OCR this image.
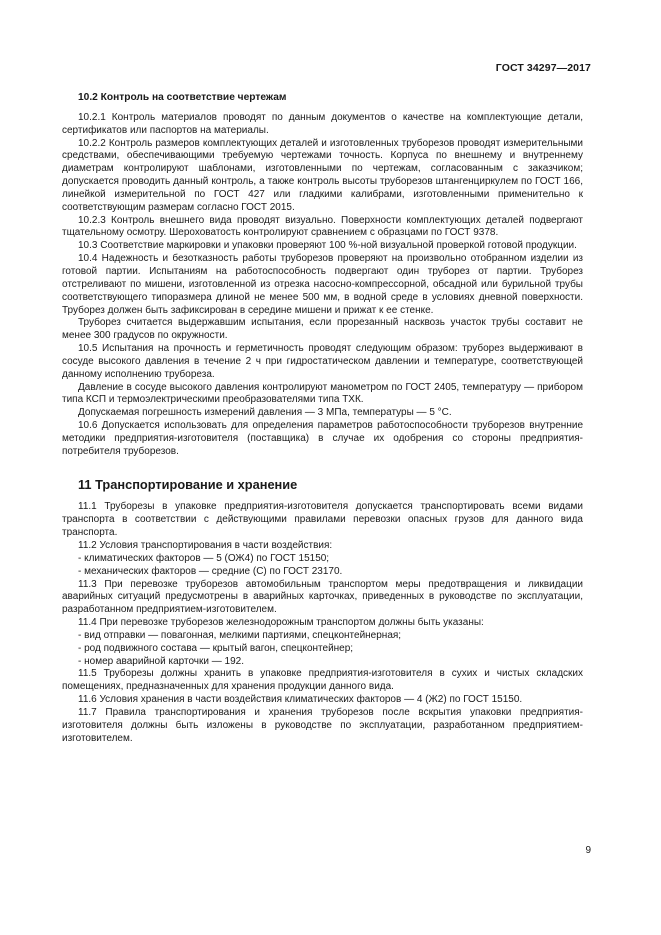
ГОСТ 34297—2017
10.2 Контроль на соответствие чертежам

10.2.1 Контроль материалов проводят по данным документов о качестве на комплектующие детали, сертификатов или паспортов на материалы.

10.2.2 Контроль размеров комплектующих деталей и изготовленных труборезов проводят измерительными средствами, обеспечивающими требуемую чертежами точность. Корпуса по внешнему и внутреннему диаметрам контролируют шаблонами, изготовленными по чертежам, согласованным с заказчиком; допускается проводить данный контроль, а также контроль высоты труборезов штангенциркулем по ГОСТ 166, линейкой измерительной по ГОСТ 427 или гладкими калибрами, изготовленными применительно к соответствующим размерам согласно ГОСТ 2015.

10.2.3 Контроль внешнего вида проводят визуально. Поверхности комплектующих деталей подвергают тщательному осмотру. Шероховатость контролируют сравнением с образцами по ГОСТ 9378.

10.3 Соответствие маркировки и упаковки проверяют 100 %-ной визуальной проверкой готовой продукции.

10.4 Надежность и безотказность работы труборезов проверяют на произвольно отобранном изделии из готовой партии. Испытаниям на работоспособность подвергают один труборез от партии. Труборез отстреливают по мишени, изготовленной из отрезка насосно-компрессорной, обсадной или бурильной трубы соответствующего типоразмера длиной не менее 500 мм, в водной среде в условиях дневной поверхности. Труборез должен быть зафиксирован в середине мишени и прижат к ее стенке.

Труборез считается выдержавшим испытания, если прорезанный насквозь участок трубы составит не менее 300 градусов по окружности.

10.5 Испытания на прочность и герметичность проводят следующим образом: труборез выдерживают в сосуде высокого давления в течение 2 ч при гидростатическом давлении и температуре, соответствующей данному исполнению трубореза.

Давление в сосуде высокого давления контролируют манометром по ГОСТ 2405, температуру — прибором типа КСП и термоэлектрическими преобразователями типа ТХК.

Допускаемая погрешность измерений давления — 3 МПа, температуры — 5 °С.

10.6 Допускается использовать для определения параметров работоспособности труборезов внутренние методики предприятия-изготовителя (поставщика) в случае их одобрения со стороны предприятия-потребителя труборезов.

11 Транспортирование и хранение

11.1 Труборезы в упаковке предприятия-изготовителя допускается транспортировать всеми видами транспорта в соответствии с действующими правилами перевозки опасных грузов для данного вида транспорта.

11.2 Условия транспортирования в части воздействия:

- климатических факторов — 5 (ОЖ4) по ГОСТ 15150;

- механических факторов — средние (С) по ГОСТ 23170.

11.3 При перевозке труборезов автомобильным транспортом меры предотвращения и ликвидации аварийных ситуаций предусмотрены в аварийных карточках, приведенных в руководстве по эксплуатации, разработанном предприятием-изготовителем.

11.4 При перевозке труборезов железнодорожным транспортом должны быть указаны:

- вид отправки — повагонная, мелкими партиями, спецконтейнерная;

- род подвижного состава — крытый вагон, спецконтейнер;

- номер аварийной карточки — 192.

11.5 Труборезы должны хранить в упаковке предприятия-изготовителя в сухих и чистых складских помещениях, предназначенных для хранения продукции данного вида.

11.6 Условия хранения в части воздействия климатических факторов — 4 (Ж2) по ГОСТ 15150.

11.7 Правила транспортирования и хранения труборезов после вскрытия упаковки предприятия-изготовителя должны быть изложены в руководстве по эксплуатации, разработанном предприятием-изготовителем.

9
